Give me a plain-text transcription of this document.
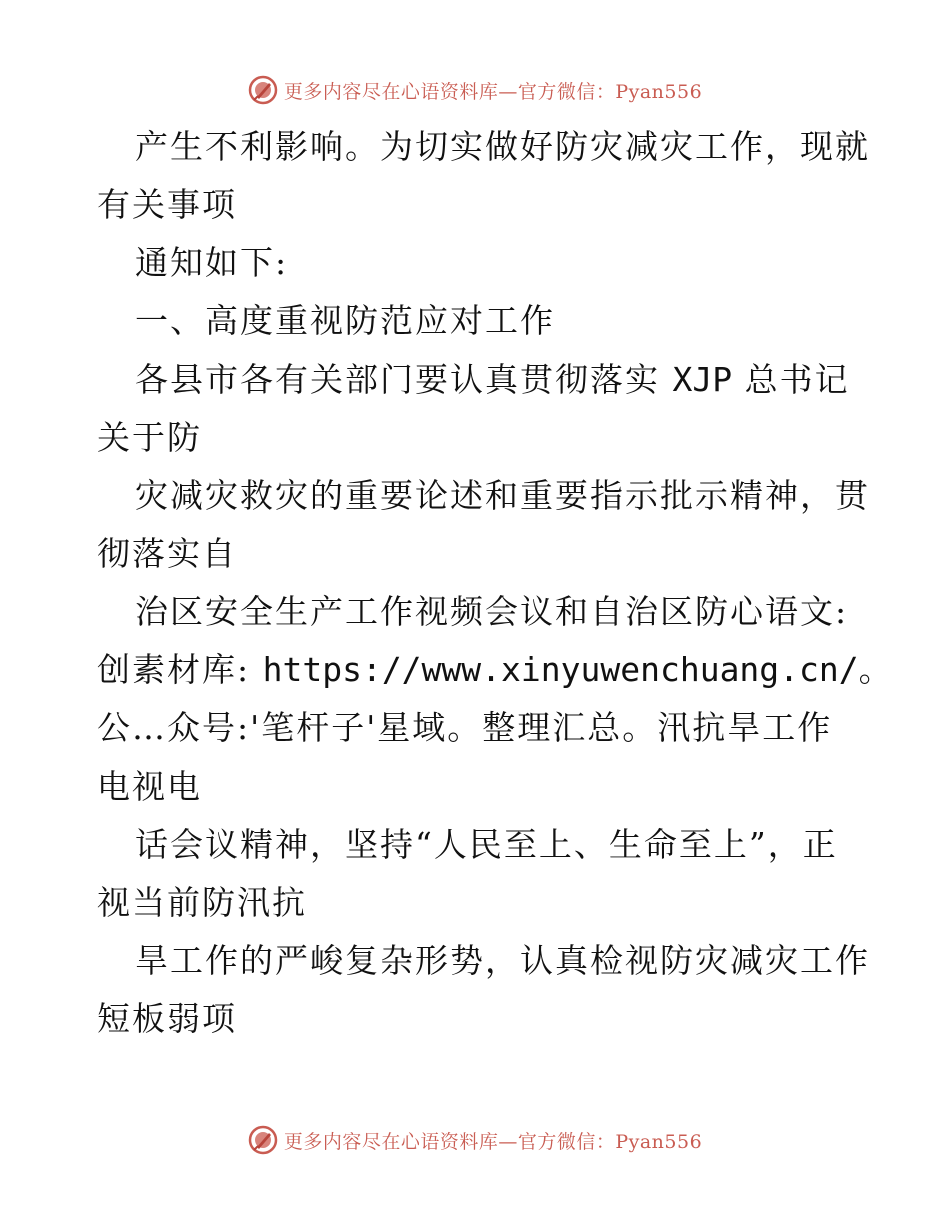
更多内容尽在心语资料库—官方微信：Pyan556
产生不利影响。为切实做好防灾减灾工作，现就
有关事项
通知如下:
一、高度重视防范应对工作
各县市各有关部门要认真贯彻落实 XJP 总书记
关于防
灾减灾救灾的重要论述和重要指示批示精神，贯
彻落实自
治区安全生产工作视频会议和自治区防心语文:
创素材库: https://www.xinyuwenchuang.cn/。
公…众号:'笔杆子'星域。整理汇总。汛抗旱工作
电视电
话会议精神，坚持“人民至上、生命至上”，正
视当前防汛抗
旱工作的严峻复杂形势，认真检视防灾减灾工作
短板弱项
更多内容尽在心语资料库—官方微信：Pyan556
